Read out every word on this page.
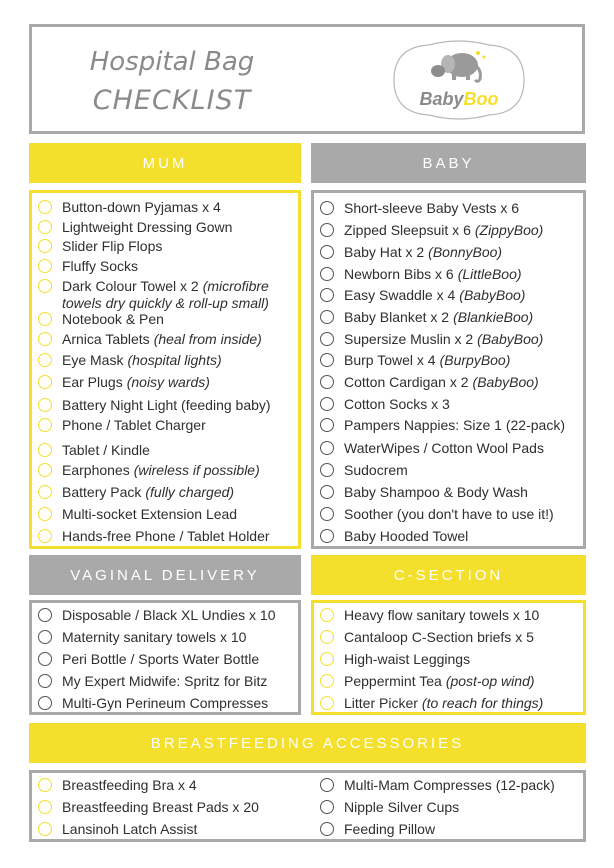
Hospital Bag
CHECKLIST	BabyBoo
MUM
Button-down Pyjamas x 4
Lightweight Dressing Gown
Slider Flip Flops
Fluffy Socks
Dark Colour Towel x 2 (microfibre towels dry quickly & roll-up small)
Notebook & Pen
Arnica Tablets (heal from inside)
Eye Mask (hospital lights)
Ear Plugs (noisy wards)
Battery Night Light (feeding baby)
Phone / Tablet Charger
Tablet / Kindle
Earphones (wireless if possible)
Battery Pack (fully charged)
Multi-socket Extension Lead
Hands-free Phone / Tablet Holder
BABY
Short-sleeve Baby Vests x 6
Zipped Sleepsuit x 6 (ZippyBoo)
Baby Hat x 2 (BonnyBoo)
Newborn Bibs x 6 (LittleBoo)
Easy Swaddle x 4 (BabyBoo)
Baby Blanket x 2 (BlankieBoo)
Supersize Muslin x 2 (BabyBoo)
Burp Towel x 4 (BurpyBoo)
Cotton Cardigan x 2 (BabyBoo)
Cotton Socks x 3
Pampers Nappies: Size 1 (22-pack)
WaterWipes / Cotton Wool Pads
Sudocrem
Baby Shampoo & Body Wash
Soother (you don't have to use it!)
Baby Hooded Towel
VAGINAL DELIVERY
Disposable / Black XL Undies x 10
Maternity sanitary towels x 10
Peri Bottle / Sports Water Bottle
My Expert Midwife: Spritz for Bitz
Multi-Gyn Perineum Compresses
C-SECTION
Heavy flow sanitary towels x 10
Cantaloop C-Section briefs x 5
High-waist Leggings
Peppermint Tea (post-op wind)
Litter Picker (to reach for things)
BREASTFEEDING ACCESSORIES
Breastfeeding Bra x 4
Breastfeeding Breast Pads x 20
Lansinoh Latch Assist
Multi-Mam Compresses (12-pack)
Nipple Silver Cups
Feeding Pillow
